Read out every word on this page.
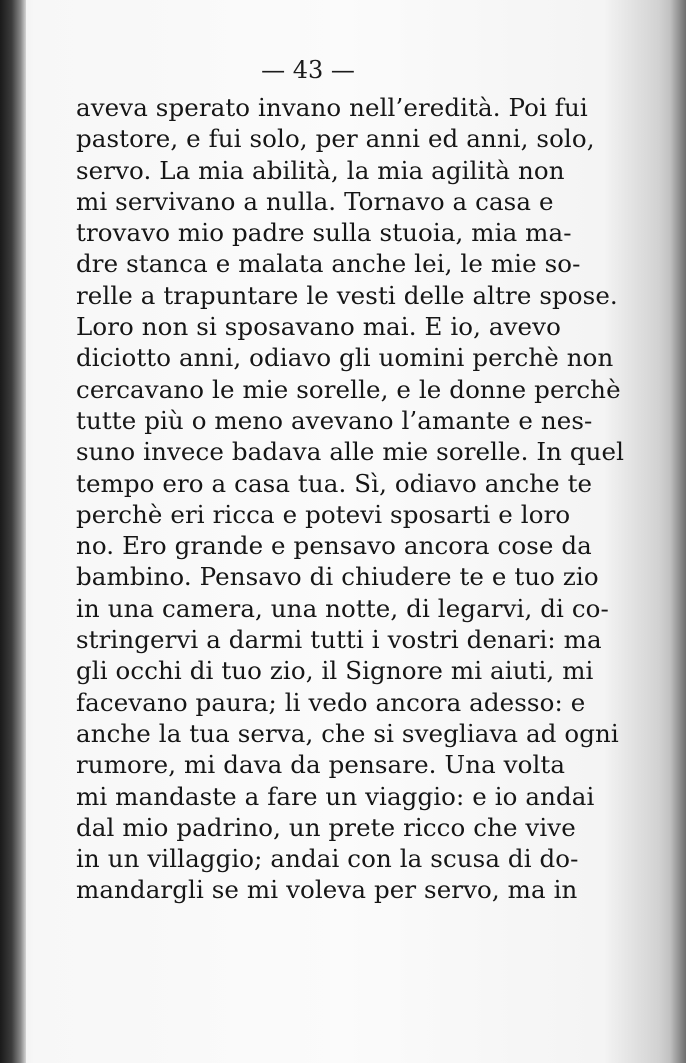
— 43 —
aveva sperato invano nell’eredità. Poi fui
pastore, e fui solo, per anni ed anni, solo,
servo. La mia abilità, la mia agilità non
mi servivano a nulla. Tornavo a casa e
trovavo mio padre sulla stuoia, mia ma-
dre stanca e malata anche lei, le mie so-
relle a trapuntare le vesti delle altre spose.
Loro non si sposavano mai. E io, avevo
diciotto anni, odiavo gli uomini perchè non
cercavano le mie sorelle, e le donne perchè
tutte più o meno avevano l’amante e nes-
suno invece badava alle mie sorelle. In quel
tempo ero a casa tua. Sì, odiavo anche te
perchè eri ricca e potevi sposarti e loro
no. Ero grande e pensavo ancora cose da
bambino. Pensavo di chiudere te e tuo zio
in una camera, una notte, di legarvi, di co-
stringervi a darmi tutti i vostri denari: ma
gli occhi di tuo zio, il Signore mi aiuti, mi
facevano paura; li vedo ancora adesso: e
anche la tua serva, che si svegliava ad ogni
rumore, mi dava da pensare. Una volta
mi mandaste a fare un viaggio: e io andai
dal mio padrino, un prete ricco che vive
in un villaggio; andai con la scusa di do-
mandargli se mi voleva per servo, ma in
